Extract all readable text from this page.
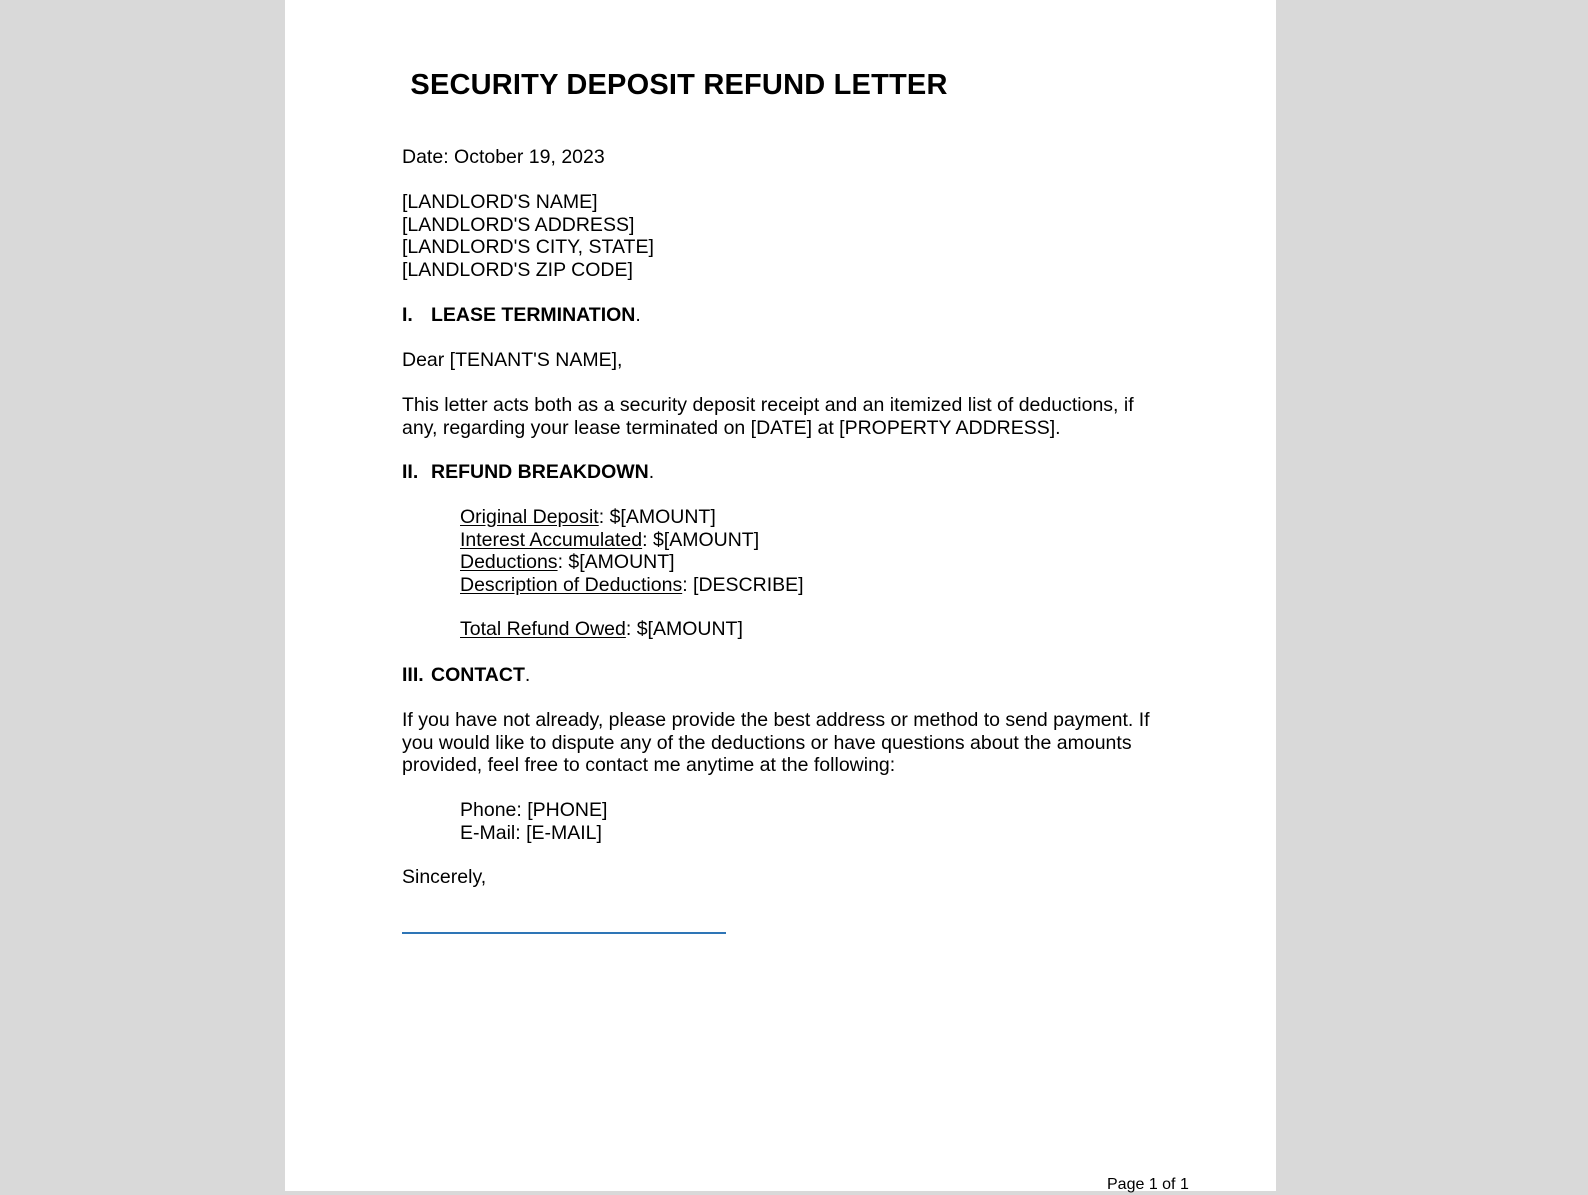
SECURITY DEPOSIT REFUND LETTER
Date: October 19, 2023
[LANDLORD'S NAME]
[LANDLORD'S ADDRESS]
[LANDLORD'S CITY, STATE]
[LANDLORD'S ZIP CODE]
I. LEASE TERMINATION.
Dear [TENANT'S NAME],
This letter acts both as a security deposit receipt and an itemized list of deductions, if
any, regarding your lease terminated on [DATE] at [PROPERTY ADDRESS].
II. REFUND BREAKDOWN.
Original Deposit: $[AMOUNT]
Interest Accumulated: $[AMOUNT]
Deductions: $[AMOUNT]
Description of Deductions: [DESCRIBE]
Total Refund Owed: $[AMOUNT]
III. CONTACT.
If you have not already, please provide the best address or method to send payment. If
you would like to dispute any of the deductions or have questions about the amounts
provided, feel free to contact me anytime at the following:
Phone: [PHONE]
E-Mail: [E-MAIL]
Sincerely,
Page 1 of 1
